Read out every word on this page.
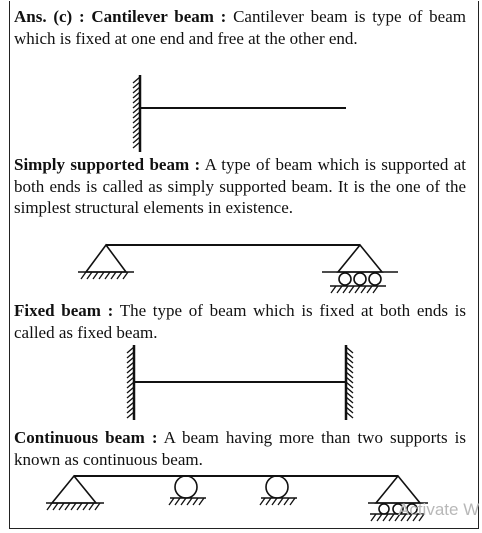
Ans. (c) : Cantilever beam : Cantilever beam is type of beam which is fixed at one end and free at the other end.

Simply supported beam : A type of beam which is supported at both ends is called as simply supported beam. It is the one of the simplest structural elements in existence.

Fixed beam : The type of beam which is fixed at both ends is called as fixed beam.

Continuous beam : A beam having more than two supports is known as continuous beam.

Activate W
